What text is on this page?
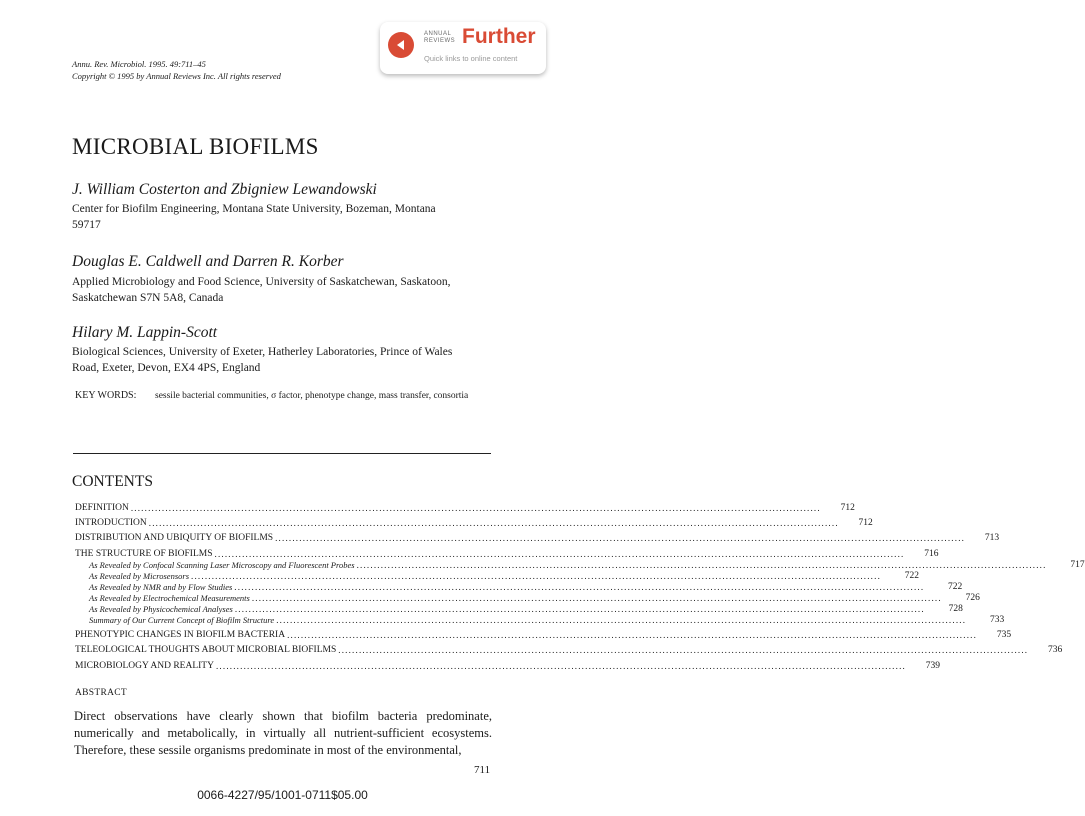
ANNUAL
REVIEWS Further
Quick links to online content
Annu. Rev. Microbiol. 1995. 49:711–45
Copyright © 1995 by Annual Reviews Inc. All rights reserved
MICROBIAL BIOFILMS
J. William Costerton and Zbigniew Lewandowski
Center for Biofilm Engineering, Montana State University, Bozeman, Montana
59717
Douglas E. Caldwell and Darren R. Korber
Applied Microbiology and Food Science, University of Saskatchewan, Saskatoon,
Saskatchewan S7N 5A8, Canada
Hilary M. Lappin-Scott
Biological Sciences, University of Exeter, Hatherley Laboratories, Prince of Wales
Road, Exeter, Devon, EX4 4PS, England
KEY WORDS: sessile bacterial communities, σ factor, phenotype change, mass transfer, consortia
CONTENTS
DEFINITION ........................................................................................................................................................................................................	712
INTRODUCTION ........................................................................................................................................................................................................	712
DISTRIBUTION AND UBIQUITY OF BIOFILMS ........................................................................................................................................................................................................	713
THE STRUCTURE OF BIOFILMS ........................................................................................................................................................................................................	716
As Revealed by Confocal Scanning Laser Microscopy and Fluorescent Probes ........................................................................................................................................................................................................	717
As Revealed by Microsensors ........................................................................................................................................................................................................	722
As Revealed by NMR and by Flow Studies ........................................................................................................................................................................................................	722
As Revealed by Electrochemical Measurements ........................................................................................................................................................................................................	726
As Revealed by Physicochemical Analyses ........................................................................................................................................................................................................	728
Summary of Our Current Concept of Biofilm Structure ........................................................................................................................................................................................................	733
PHENOTYPIC CHANGES IN BIOFILM BACTERIA ........................................................................................................................................................................................................	735
TELEOLOGICAL THOUGHTS ABOUT MICROBIAL BIOFILMS ........................................................................................................................................................................................................	736
MICROBIOLOGY AND REALITY ........................................................................................................................................................................................................	739
ABSTRACT
Direct observations have clearly shown that biofilm bacteria predominate, numerically and metabolically, in virtually all nutrient-sufficient ecosystems. Therefore, these sessile organisms predominate in most of the environmental,
711
0066-4227/95/1001-0711$05.00
